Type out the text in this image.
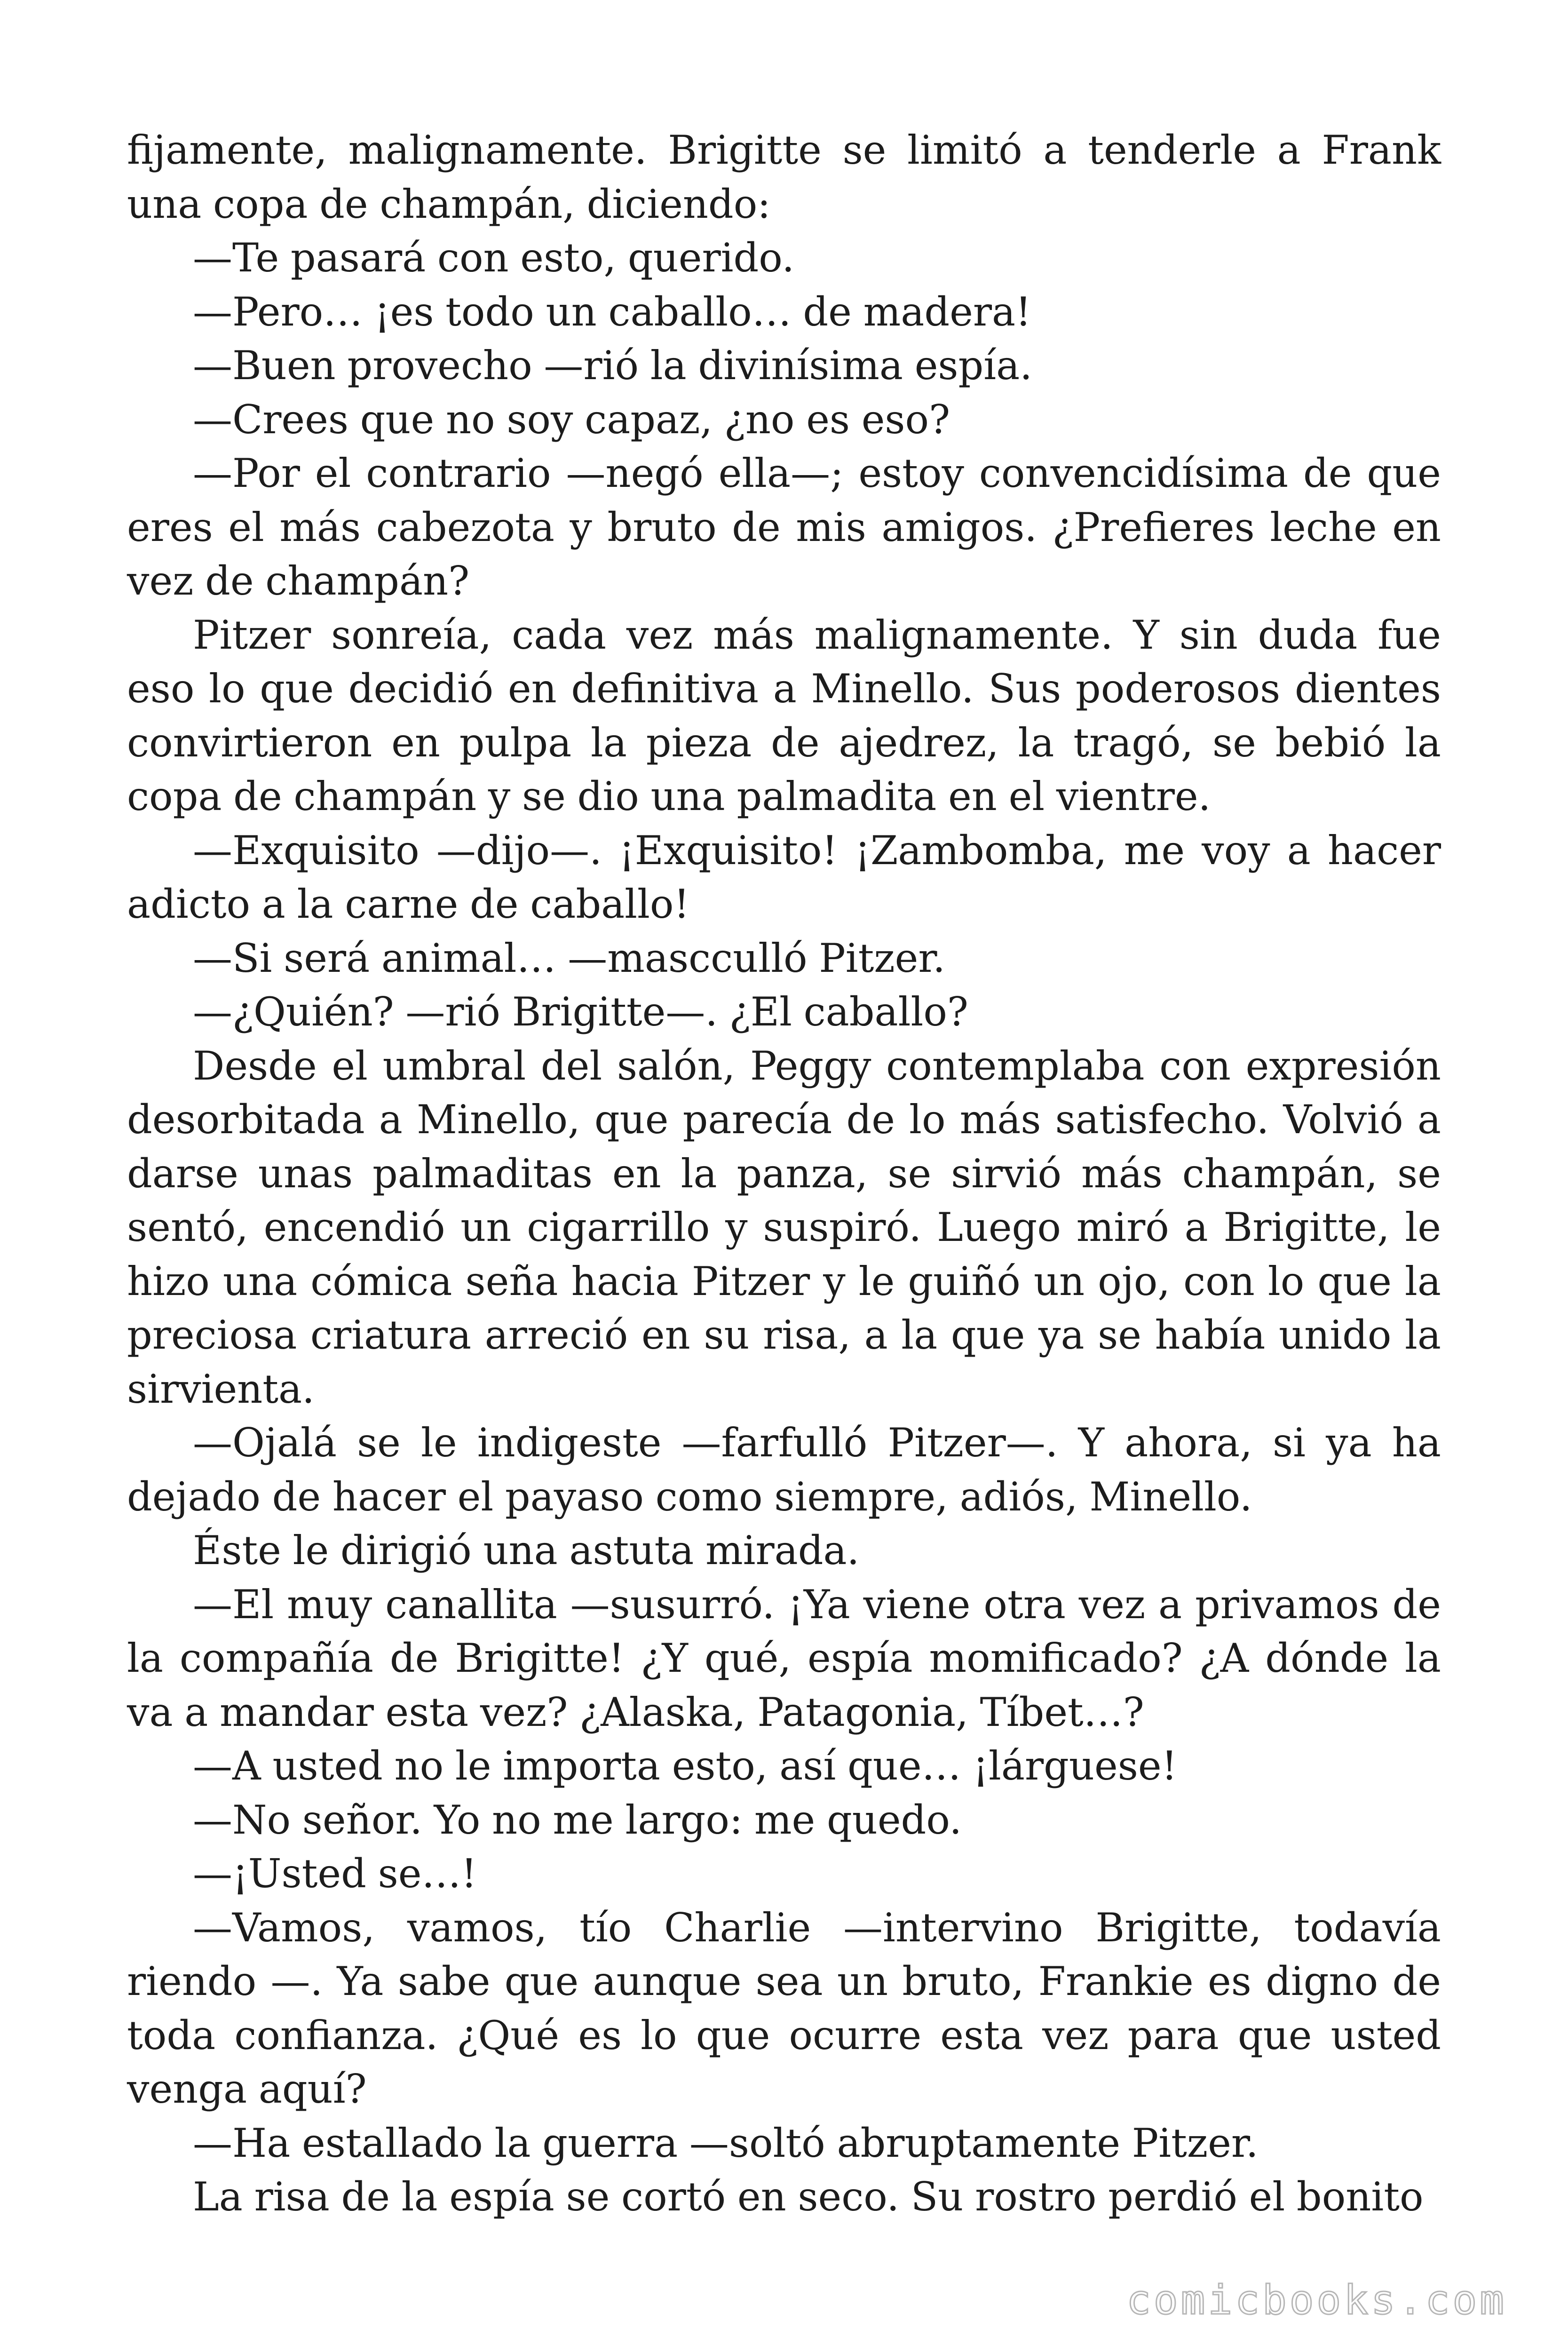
fijamente, malignamente. Brigitte se limitó a tenderle a Frank una copa de champán, diciendo:

—Te pasará con esto, querido.

—Pero… ¡es todo un caballo… de madera!

—Buen provecho —rió la divinísima espía.

—Crees que no soy capaz, ¿no es eso?

—Por el contrario —negó ella—; estoy convencidísima de que eres el más cabezota y bruto de mis amigos. ¿Prefieres leche en vez de champán?

Pitzer sonreía, cada vez más malignamente. Y sin duda fue eso lo que decidió en definitiva a Minello. Sus poderosos dientes convirtieron en pulpa la pieza de ajedrez, la tragó, se bebió la copa de champán y se dio una palmadita en el vientre.

—Exquisito —dijo—. ¡Exquisito! ¡Zambomba, me voy a hacer adicto a la carne de caballo!

—Si será animal… —mascculló Pitzer.

—¿Quién? —rió Brigitte—. ¿El caballo?

Desde el umbral del salón, Peggy contemplaba con expresión desorbitada a Minello, que parecía de lo más satisfecho. Volvió a darse unas palmaditas en la panza, se sirvió más champán, se sentó, encendió un cigarrillo y suspiró. Luego miró a Brigitte, le hizo una cómica seña hacia Pitzer y le guiñó un ojo, con lo que la preciosa criatura arreció en su risa, a la que ya se había unido la sirvienta.

—Ojalá se le indigeste —farfulló Pitzer—. Y ahora, si ya ha dejado de hacer el payaso como siempre, adiós, Minello.

Éste le dirigió una astuta mirada.

—El muy canallita —susurró. ¡Ya viene otra vez a privamos de la compañía de Brigitte! ¿Y qué, espía momificado? ¿A dónde la va a mandar esta vez? ¿Alaska, Patagonia, Tíbet…?

—A usted no le importa esto, así que… ¡lárguese!

—No señor. Yo no me largo: me quedo.

—¡Usted se…!

—Vamos, vamos, tío Charlie —intervino Brigitte, todavía riendo —. Ya sabe que aunque sea un bruto, Frankie es digno de toda confianza. ¿Qué es lo que ocurre esta vez para que usted venga aquí?

—Ha estallado la guerra —soltó abruptamente Pitzer.

La risa de la espía se cortó en seco. Su rostro perdió el bonito

comicbooks.com
